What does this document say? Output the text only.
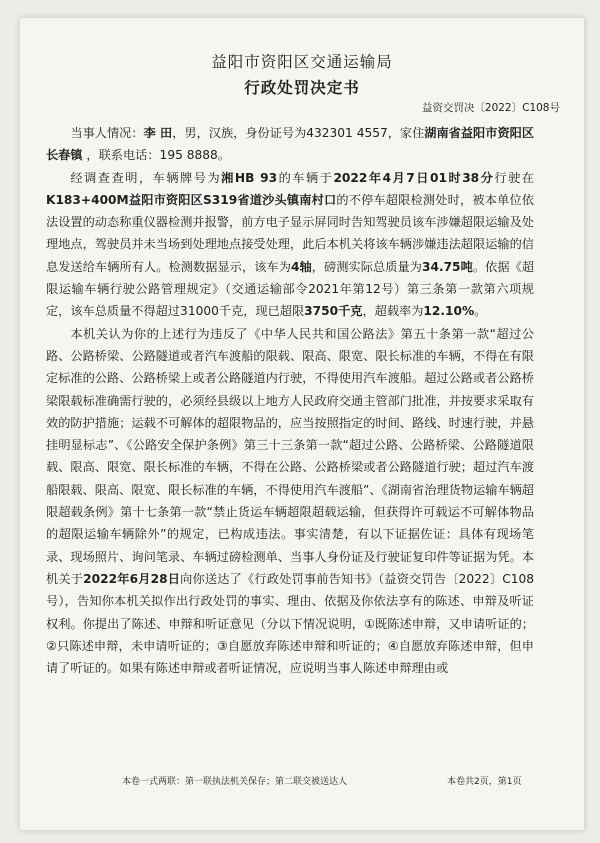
益阳市资阳区交通运输局
行政处罚决定书
益资交罚决〔2022〕C108号

当事人情况：李 田，男，汉族，身份证号为432301 4557，家住湖南省益阳市资阳区长春镇 ，联系电话：195 8888。

经调查查明，车辆牌号为湘HB 93的车辆于2022年4月7日01时38分行驶在K183+400M益阳市资阳区S319省道沙头镇南村口的不停车超限检测处时，被本单位依法设置的动态称重仪器检测并报警，前方电子显示屏同时告知驾驶员该车涉嫌超限运输及处理地点，驾驶员并未当场到处理地点接受处理，此后本机关将该车辆涉嫌违法超限运输的信息发送给车辆所有人。检测数据显示，该车为4轴，磅测实际总质量为34.75吨。依据《超限运输车辆行驶公路管理规定》（交通运输部令2021年第12号）第三条第一款第六项规定，该车总质量不得超过31000千克，现已超限3750千克，超载率为12.10%。

本机关认为你的上述行为违反了《中华人民共和国公路法》第五十条第一款“超过公路、公路桥梁、公路隧道或者汽车渡船的限载、限高、限宽、限长标准的车辆，不得在有限定标准的公路、公路桥梁上或者公路隧道内行驶，不得使用汽车渡船。超过公路或者公路桥梁限载标准确需行驶的，必须经县级以上地方人民政府交通主管部门批准，并按要求采取有效的防护措施；运载不可解体的超限物品的，应当按照指定的时间、路线、时速行驶，并悬挂明显标志”、《公路安全保护条例》第三十三条第一款“超过公路、公路桥梁、公路隧道限载、限高、限宽、限长标准的车辆，不得在公路、公路桥梁或者公路隧道行驶；超过汽车渡船限载、限高、限宽、限长标准的车辆，不得使用汽车渡船”、《湖南省治理货物运输车辆超限超载条例》第十七条第一款“禁止货运车辆超限超载运输，但获得许可载运不可解体物品的超限运输车辆除外”的规定，已构成违法。事实清楚，有以下证据佐证：具体有现场笔录、现场照片、询问笔录、车辆过磅检测单、当事人身份证及行驶证复印件等证据为凭。本机关于2022年6月28日向你送达了《行政处罚事前告知书》（益资交罚告〔2022〕C108号），告知你本机关拟作出行政处罚的事实、理由、依据及你依法享有的陈述、申辩及听证权利。你提出了陈述、申辩和听证意见（分以下情况说明，①既陈述申辩，又申请听证的；②只陈述申辩，未申请听证的；③自愿放弃陈述申辩和听证的；④自愿放弃陈述申辩，但申请了听证的。如果有陈述申辩或者听证情况，应说明当事人陈述申辩理由或

本卷一式两联：第一联执法机关保存；第二联交被送达人	本卷共2页，第1页
